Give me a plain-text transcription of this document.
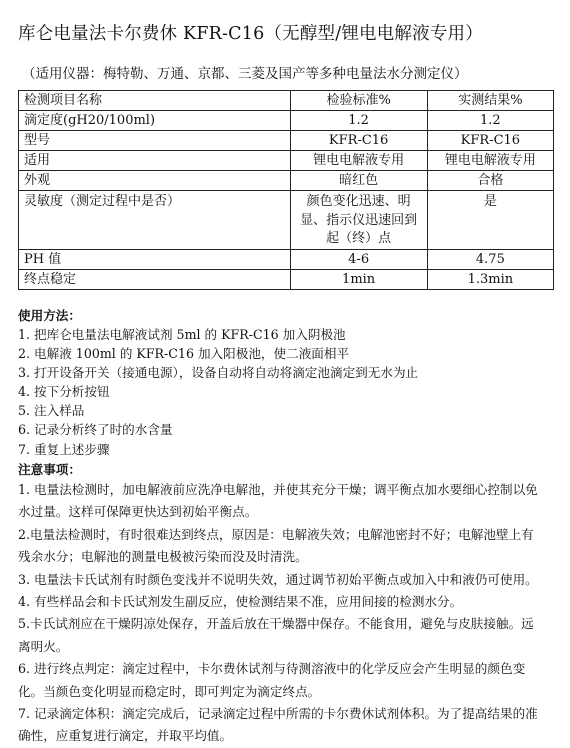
库仑电量法卡尔费休 KFR-C16（无醇型/锂电电解液专用）
（适用仪器：梅特勒、万通、京都、三菱及国产等多种电量法水分测定仪）
检测项目名称	检验标准%	实测结果%
滴定度(gH20/100ml)	1.2	1.2
型号	KFR-C16	KFR-C16
适用	锂电电解液专用	锂电电解液专用
外观	暗红色	合格
灵敏度（测定过程中是否）	颜色变化迅速、明显、指示仪迅速回到起（终）点	是
PH 值	4-6	4.75
终点稳定	1min	1.3min
使用方法：
1. 把库仑电量法电解液试剂 5ml 的 KFR-C16 加入阴极池
2. 电解液 100ml 的 KFR-C16 加入阳极池，使二液面相平
3. 打开设备开关（接通电源），设备自动将自动将滴定池滴定到无水为止
4. 按下分析按钮
5. 注入样品
6. 记录分析终了时的水含量
7. 重复上述步骤
注意事项：
1. 电量法检测时，加电解液前应洗净电解池，并使其充分干燥；调平衡点加水要细心控制以免水过量。这样可保障更快达到初始平衡点。
2.电量法检测时，有时很难达到终点，原因是：电解液失效；电解池密封不好；电解池壁上有残余水分；电解池的测量电极被污染而没及时清洗。
3. 电量法卡氏试剂有时颜色变浅并不说明失效，通过调节初始平衡点或加入中和液仍可使用。
4. 有些样品会和卡氏试剂发生副反应，使检测结果不准，应用间接的检测水分。
5.卡氏试剂应在干燥阴凉处保存，开盖后放在干燥器中保存。不能食用，避免与皮肤接触。远离明火。
6. 进行终点判定：滴定过程中，卡尔费休试剂与待测溶液中的化学反应会产生明显的颜色变化。当颜色变化明显而稳定时，即可判定为滴定终点。
7. 记录滴定体积：滴定完成后，记录滴定过程中所需的卡尔费休试剂体积。为了提高结果的准确性，应重复进行滴定，并取平均值。
